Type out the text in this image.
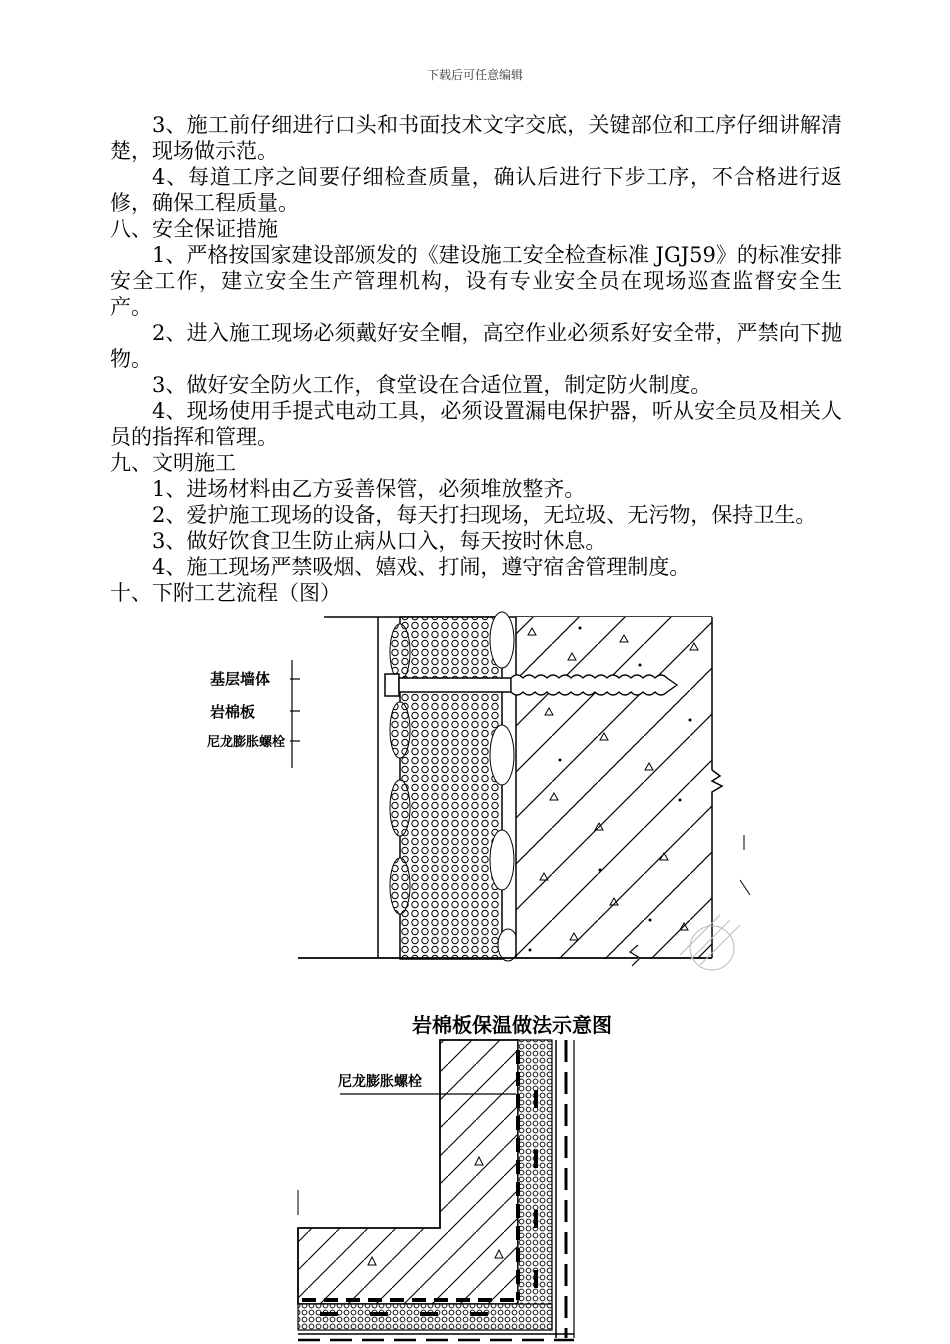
下载后可任意编辑

3、施工前仔细进行口头和书面技术文字交底，关键部位和工序仔细讲解清楚，现场做示范。

4、每道工序之间要仔细检查质量，确认后进行下步工序，不合格进行返修，确保工程质量。

八、安全保证措施

1、严格按国家建设部颁发的《建设施工安全检查标准 JGJ59》的标准安排安全工作，建立安全生产管理机构，设有专业安全员在现场巡查监督安全生产。

2、进入施工现场必须戴好安全帽，高空作业必须系好安全带，严禁向下抛物。

3、做好安全防火工作，食堂设在合适位置，制定防火制度。

4、现场使用手提式电动工具，必须设置漏电保护器，听从安全员及相关人员的指挥和管理。

九、文明施工

1、进场材料由乙方妥善保管，必须堆放整齐。

2、爱护施工现场的设备，每天打扫现场，无垃圾、无污物，保持卫生。

3、做好饮食卫生防止病从口入，每天按时休息。

4、施工现场严禁吸烟、嬉戏、打闹，遵守宿舍管理制度。

十、下附工艺流程（图）

基层墙体
岩棉板
尼龙膨胀螺栓
岩棉板保温做法示意图
尼龙膨胀螺栓
